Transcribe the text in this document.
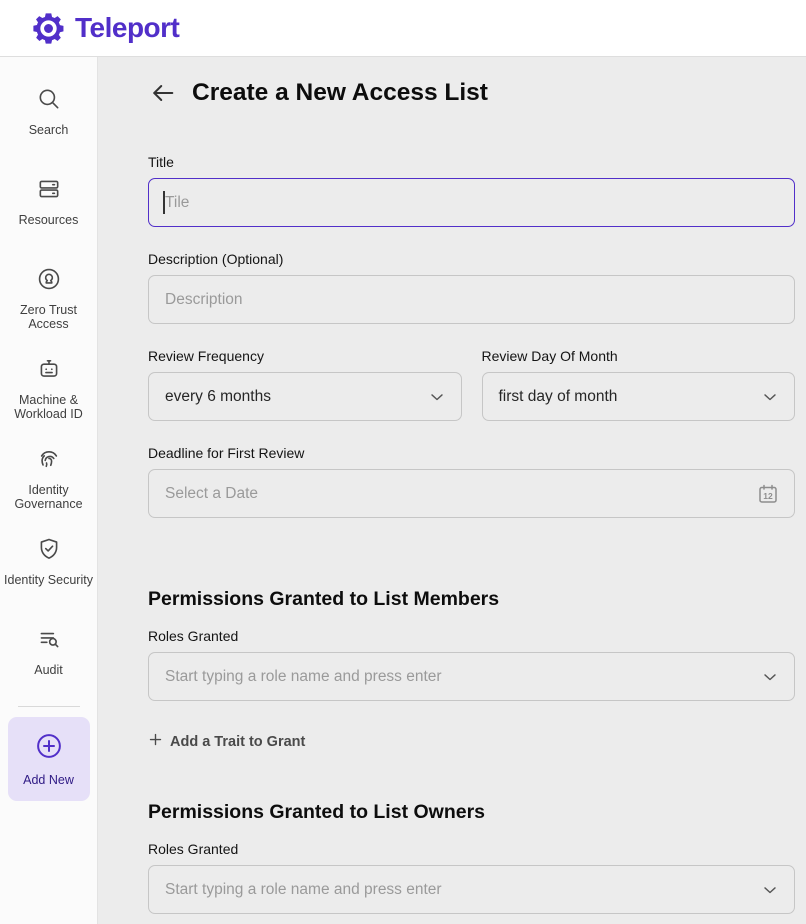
Teleport
Search
Resources
Zero Trust Access
Machine & Workload ID
Identity Governance
Identity Security
Audit
Add New
Create a New Access List
Title
Tile
Description (Optional)
Description
Review Frequency
every 6 months
Review Day Of Month
first day of month
Deadline for First Review
Select a Date	12
Permissions Granted to List Members
Roles Granted
Start typing a role name and press enter
Add a Trait to Grant
Permissions Granted to List Owners
Roles Granted
Start typing a role name and press enter
